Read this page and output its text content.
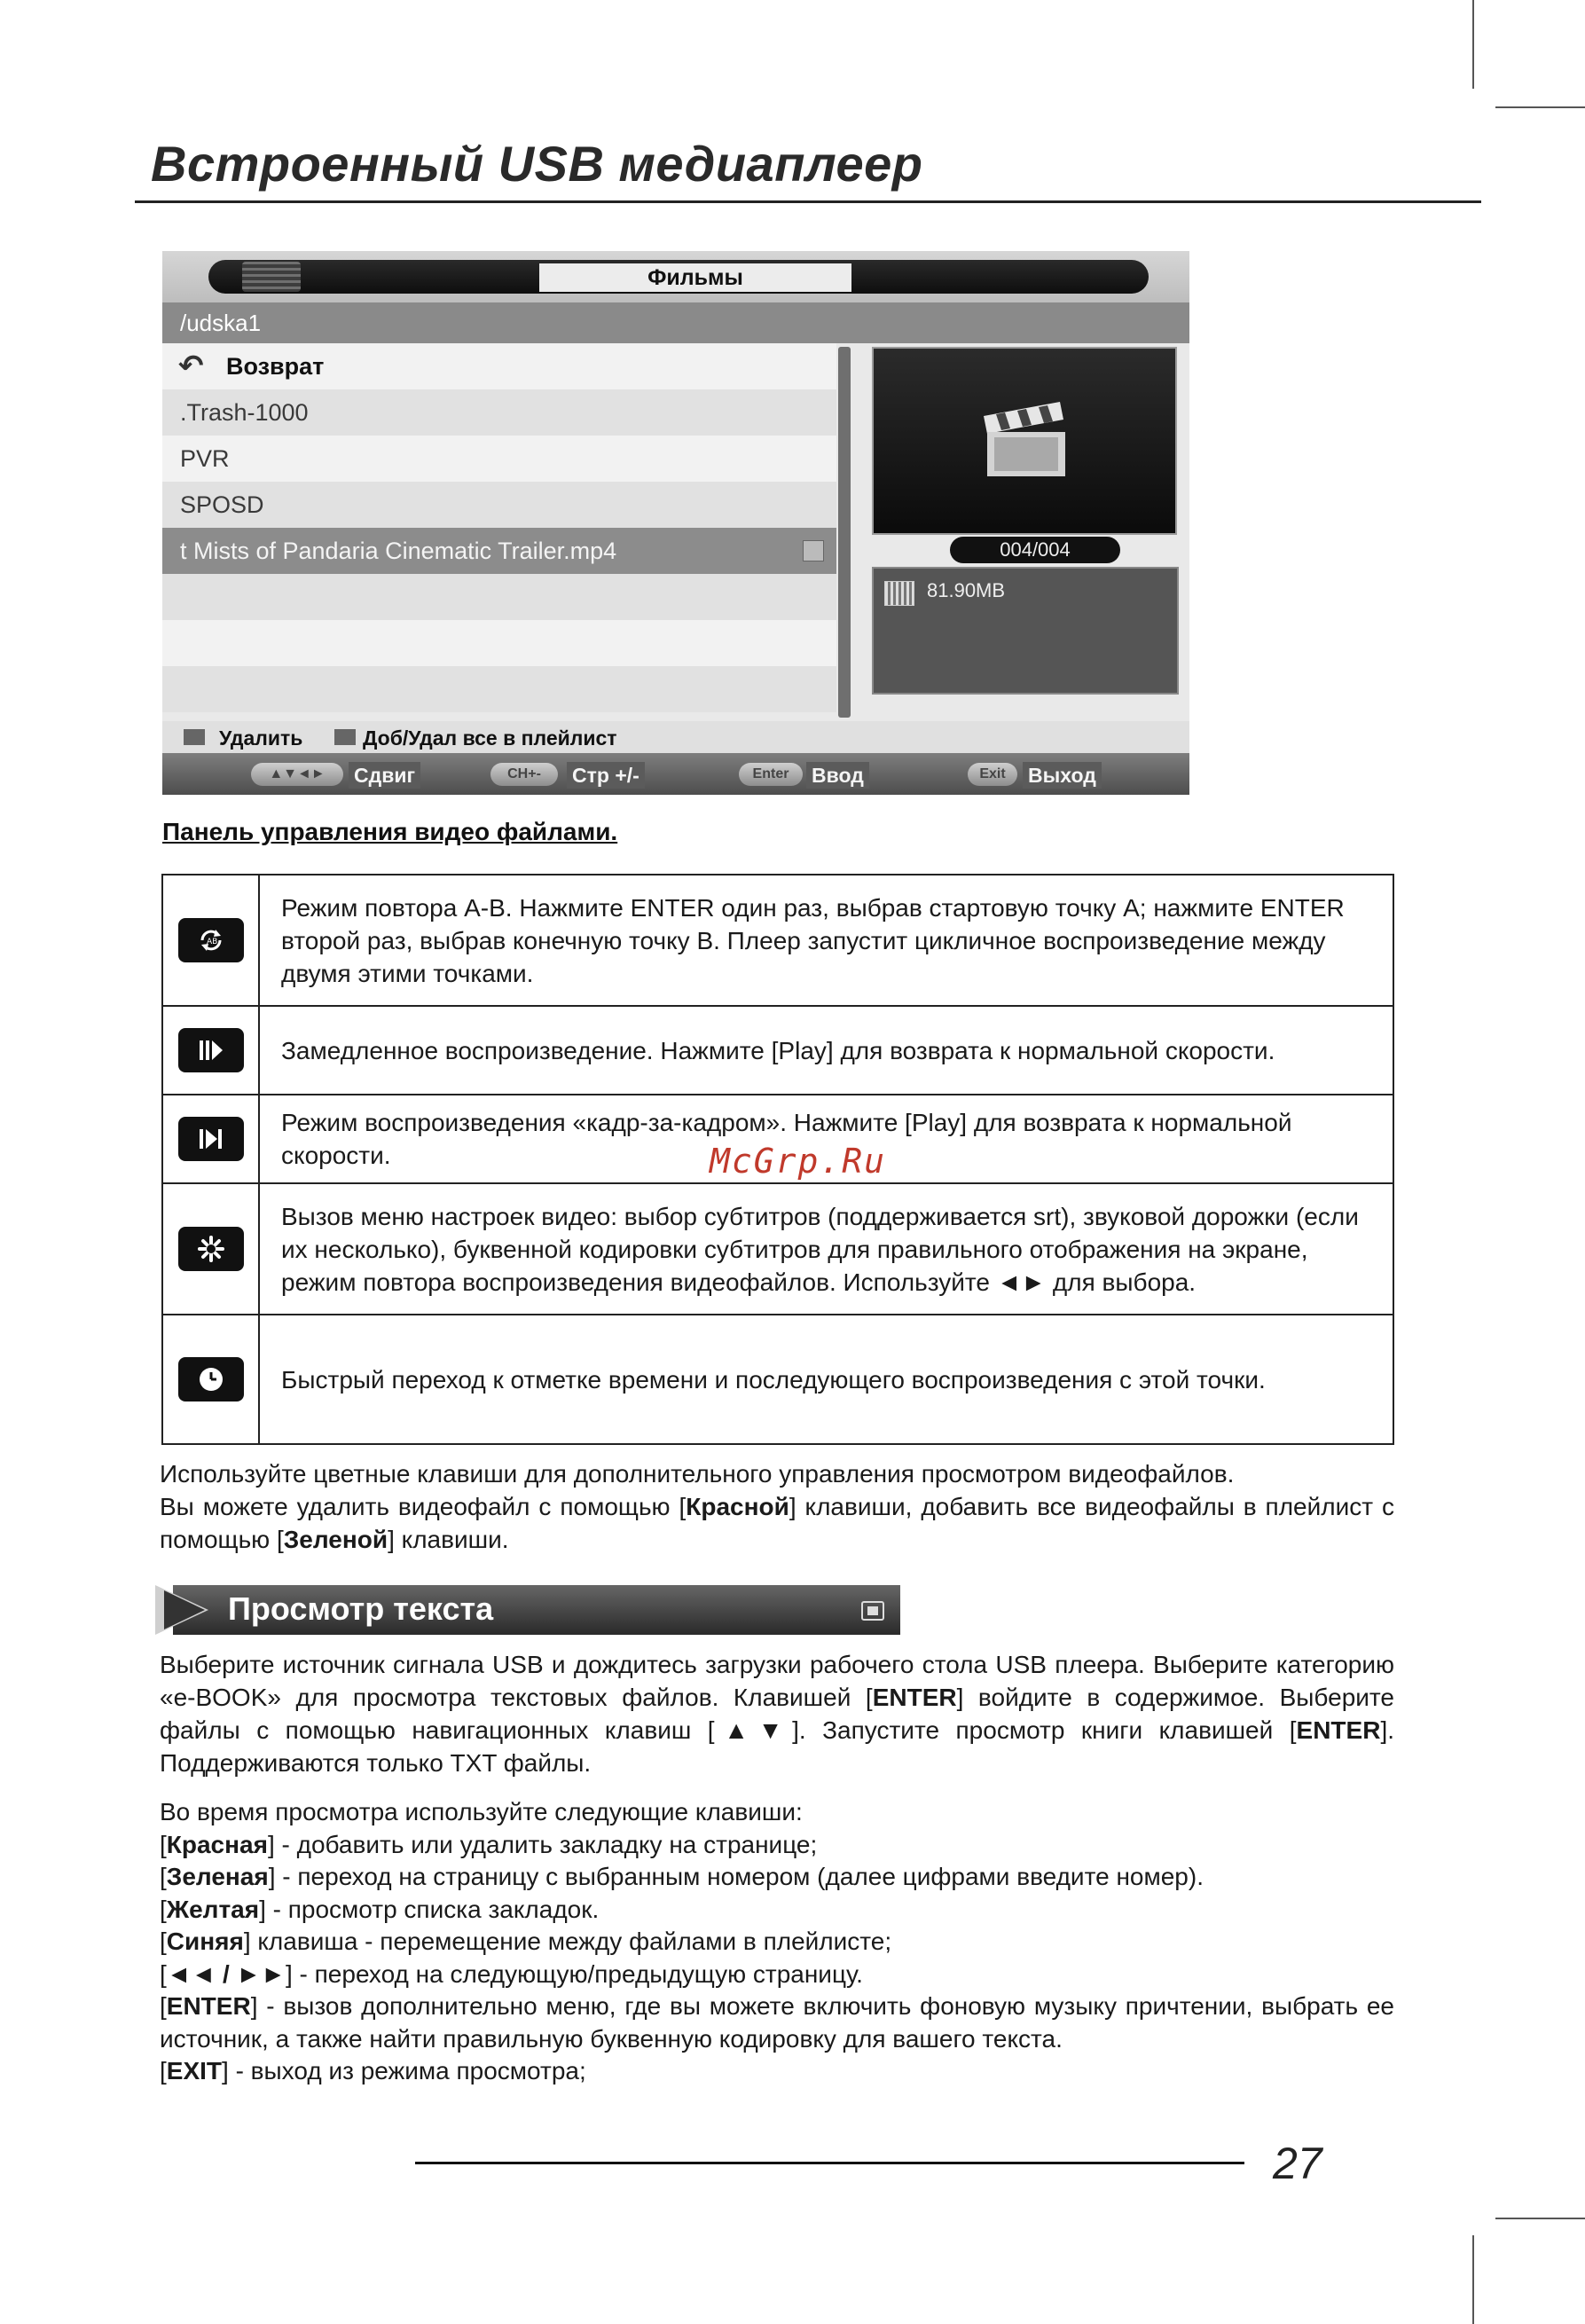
Встроенный USB медиаплеер
Фильмы
/udska1
↶ Возврат
.Trash-1000
PVR
SPOSD
t Mists of Pandaria Cinematic Trailer.mp4	004/004
81.90MB
Удалить	Доб/Удал все в плейлист
▲▼◄►	Сдвиг	CH+-	Стр +/-	Enter	Ввод	Exit	Выход
Панель управления видео файлами.
AB
Режим повтора А-В. Нажмите ENTER один раз, выбрав стартовую точку А; нажмите ENTER второй раз, выбрав конечную точку В. Плеер запустит цикличное воспроизведение между двумя этими точками.
Замедленное воспроизведение. Нажмите [Play] для возврата к нормальной скорости.
Режим воспроизведения «кадр-за-кадром». Нажмите [Play] для возврата к нормальной скорости.
Вызов меню настроек видео: выбор субтитров (поддерживается srt), звуковой дорожки (если их несколько), буквенной кодировки субтитров для правильного отображения на экране, режим повтора воспроизведения видеофайлов. Используйте ◄► для выбора.
Быстрый переход к отметке времени и последующего воспроизведения с этой точки.
McGrp.Ru
Используйте цветные клавиши для дополнительного управления просмотром видеофайлов.
Вы можете удалить видеофайл с помощью [Красной] клавиши, добавить все видеофайлы в плейлист с помощью [Зеленой] клавиши.
Просмотр текста
Выберите источник сигнала USB и дождитесь загрузки рабочего стола USB плеера. Выберите категорию «e-BOOK» для просмотра текстовых файлов. Клавишей [ENTER] войдите в содержимое. Выберите файлы с помощью навигационных клавиш [▲▼]. Запустите просмотр книги клавишей [ENTER]. Поддерживаются только TXT файлы.

Во время просмотра используйте следующие клавиши:

[Красная] - добавить или удалить закладку на странице;

[Зеленая] - переход на страницу с выбранным номером (далее цифрами введите номер).

[Желтая] - просмотр списка закладок.

[Синяя] клавиша - перемещение между файлами в плейлисте;

[◄◄ / ►►] - переход на следующую/предыдущую страницу.

[ENTER] - вызов дополнительно меню, где вы можете включить фоновую музыку причтении, выбрать ее источник, а также найти правильную буквенную кодировку для вашего текста.

[EXIT] - выход из режима просмотра;

27
